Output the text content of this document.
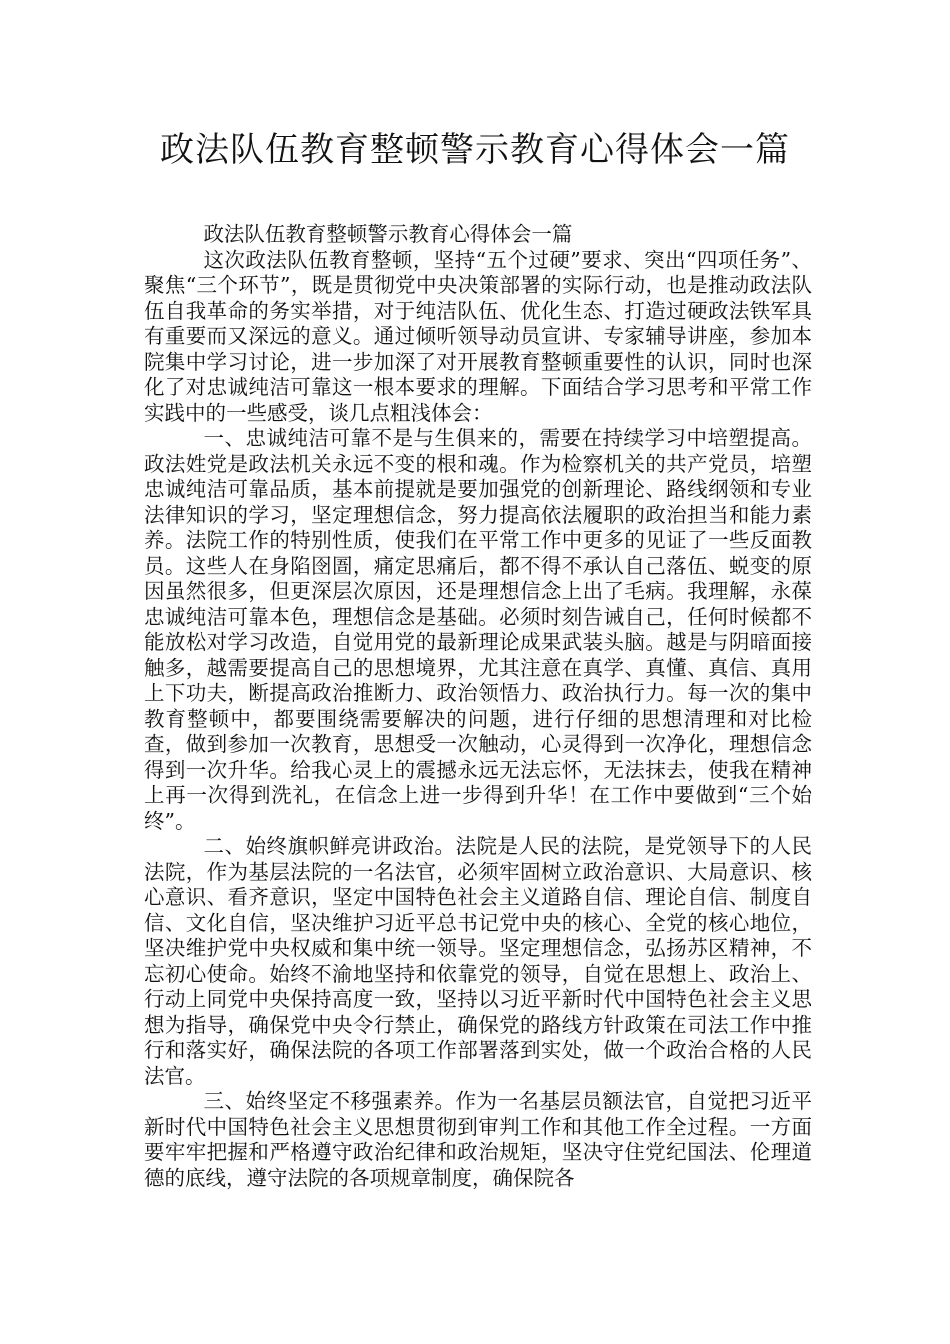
政法队伍教育整顿警示教育心得体会一篇

政法队伍教育整顿警示教育心得体会一篇

这次政法队伍教育整顿，坚持“五个过硬”要求、突出“四项任务”、聚焦“三个环节”，既是贯彻党中央决策部署的实际行动，也是推动政法队伍自我革命的务实举措，对于纯洁队伍、优化生态、打造过硬政法铁军具有重要而又深远的意义。通过倾听领导动员宣讲、专家辅导讲座，参加本院集中学习讨论，进一步加深了对开展教育整顿重要性的认识，同时也深化了对忠诚纯洁可靠这一根本要求的理解。下面结合学习思考和平常工作实践中的一些感受，谈几点粗浅体会：

一、忠诚纯洁可靠不是与生俱来的，需要在持续学习中培塑提高。政法姓党是政法机关永远不变的根和魂。作为检察机关的共产党员，培塑忠诚纯洁可靠品质，基本前提就是要加强党的创新理论、路线纲领和专业法律知识的学习，坚定理想信念，努力提高依法履职的政治担当和能力素养。法院工作的特别性质，使我们在平常工作中更多的见证了一些反面教员。这些人在身陷囹圄，痛定思痛后，都不得不承认自己落伍、蜕变的原因虽然很多，但更深层次原因，还是理想信念上出了毛病。我理解，永葆忠诚纯洁可靠本色，理想信念是基础。必须时刻告诫自己，任何时候都不能放松对学习改造，自觉用党的最新理论成果武装头脑。越是与阴暗面接触多，越需要提高自己的思想境界，尤其注意在真学、真懂、真信、真用上下功夫，断提高政治推断力、政治领悟力、政治执行力。每一次的集中教育整顿中，都要围绕需要解决的问题，进行仔细的思想清理和对比检查，做到参加一次教育，思想受一次触动，心灵得到一次净化，理想信念得到一次升华。给我心灵上的震撼永远无法忘怀，无法抹去，使我在精神上再一次得到洗礼，在信念上进一步得到升华！在工作中要做到“三个始终”。

二、始终旗帜鲜亮讲政治。法院是人民的法院，是党领导下的人民法院，作为基层法院的一名法官，必须牢固树立政治意识、大局意识、核心意识、看齐意识，坚定中国特色社会主义道路自信、理论自信、制度自信、文化自信，坚决维护习近平总书记党中央的核心、全党的核心地位，坚决维护党中央权威和集中统一领导。坚定理想信念，弘扬苏区精神，不忘初心使命。始终不渝地坚持和依靠党的领导，自觉在思想上、政治上、行动上同党中央保持高度一致，坚持以习近平新时代中国特色社会主义思想为指导，确保党中央令行禁止，确保党的路线方针政策在司法工作中推行和落实好，确保法院的各项工作部署落到实处，做一个政治合格的人民法官。

三、始终坚定不移强素养。作为一名基层员额法官，自觉把习近平新时代中国特色社会主义思想贯彻到审判工作和其他工作全过程。一方面要牢牢把握和严格遵守政治纪律和政治规矩，坚决守住党纪国法、伦理道德的底线，遵守法院的各项规章制度，确保院各
